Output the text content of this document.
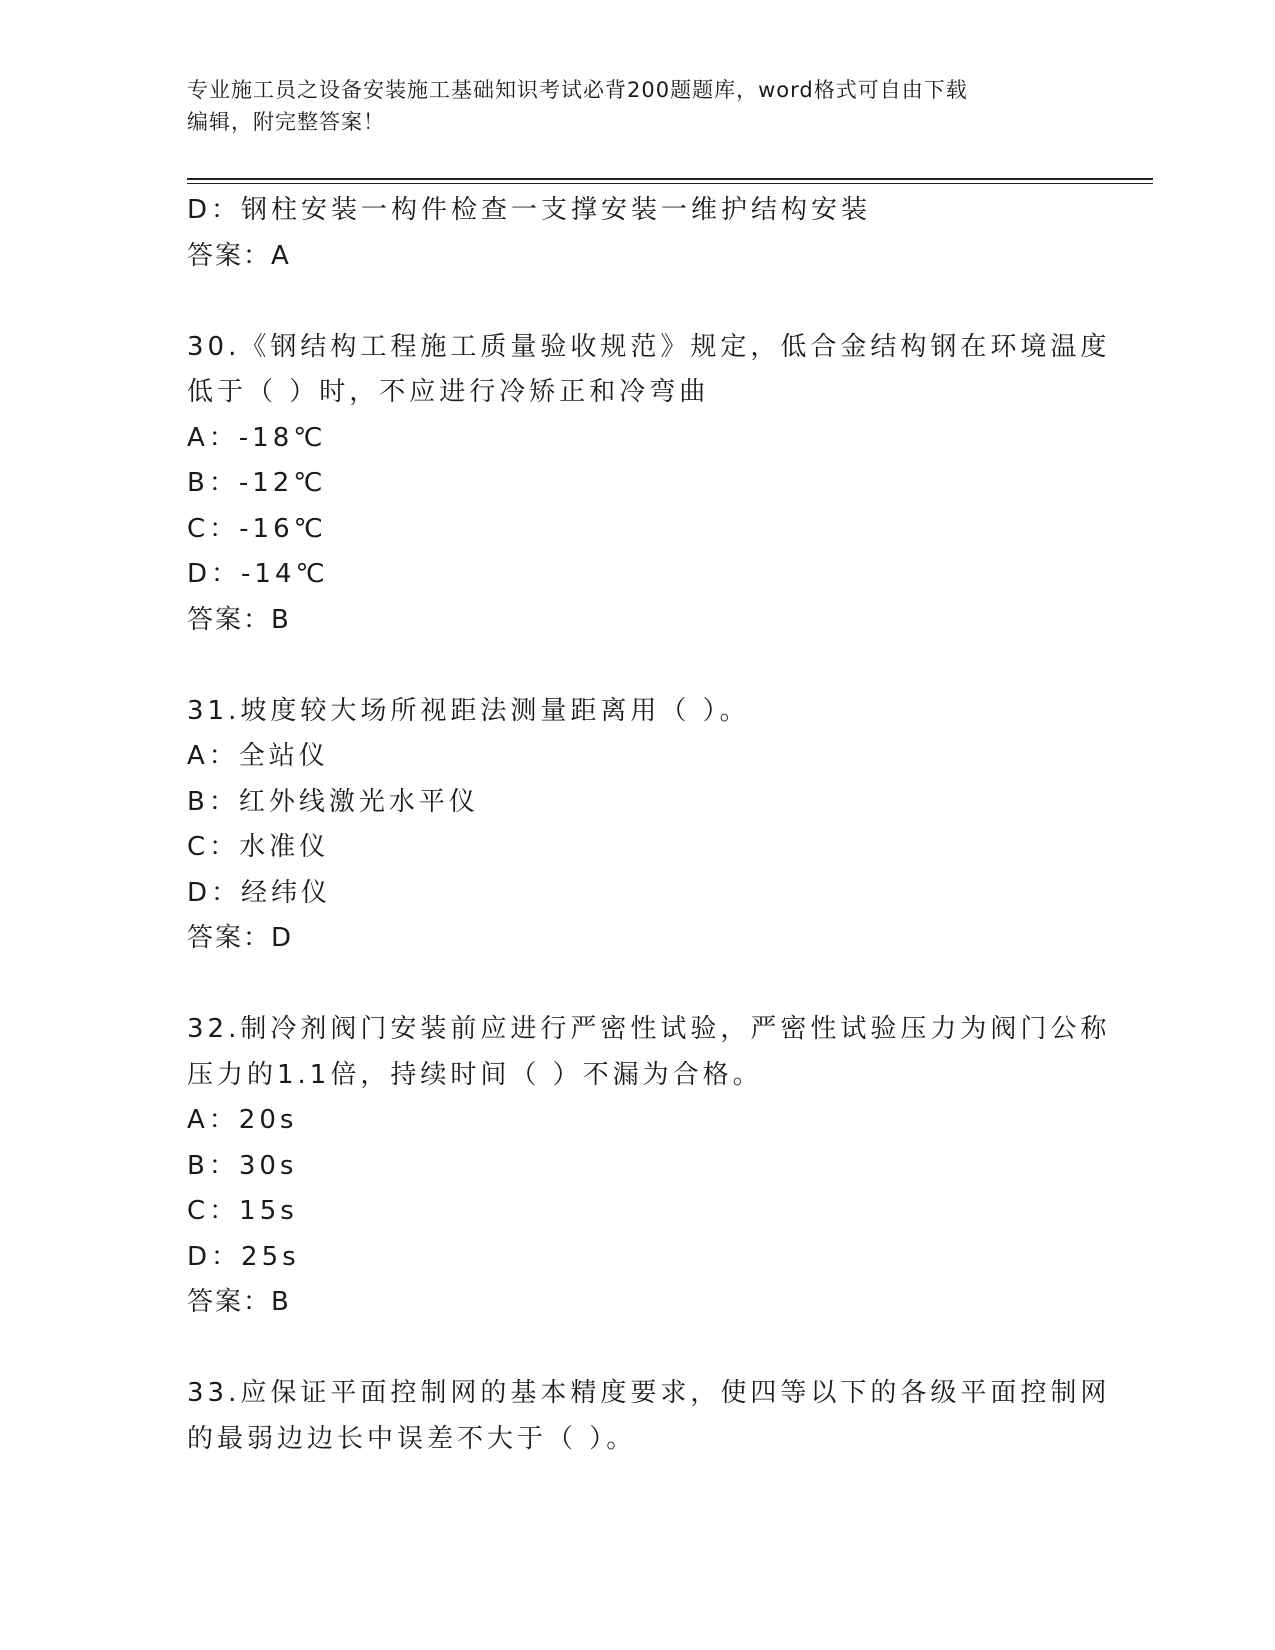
专业施工员之设备安装施工基础知识考试必背200题题库，word格式可自由下载
编辑，附完整答案！
D：钢柱安装一构件检查一支撑安装一维护结构安装
答案：A
30.《钢结构工程施工质量验收规范》规定，低合金结构钢在环境温度
低于（ ）时，不应进行冷矫正和冷弯曲
A：-18℃
B：-12℃
C：-16℃
D：-14℃
答案：B
31.坡度较大场所视距法测量距离用（ ）。
A：全站仪
B：红外线激光水平仪
C：水准仪
D：经纬仪
答案：D
32.制冷剂阀门安装前应进行严密性试验，严密性试验压力为阀门公称
压力的1.1倍，持续时间（ ）不漏为合格。
A：20s
B：30s
C：15s
D：25s
答案：B
33.应保证平面控制网的基本精度要求，使四等以下的各级平面控制网
的最弱边边长中误差不大于（ ）。
